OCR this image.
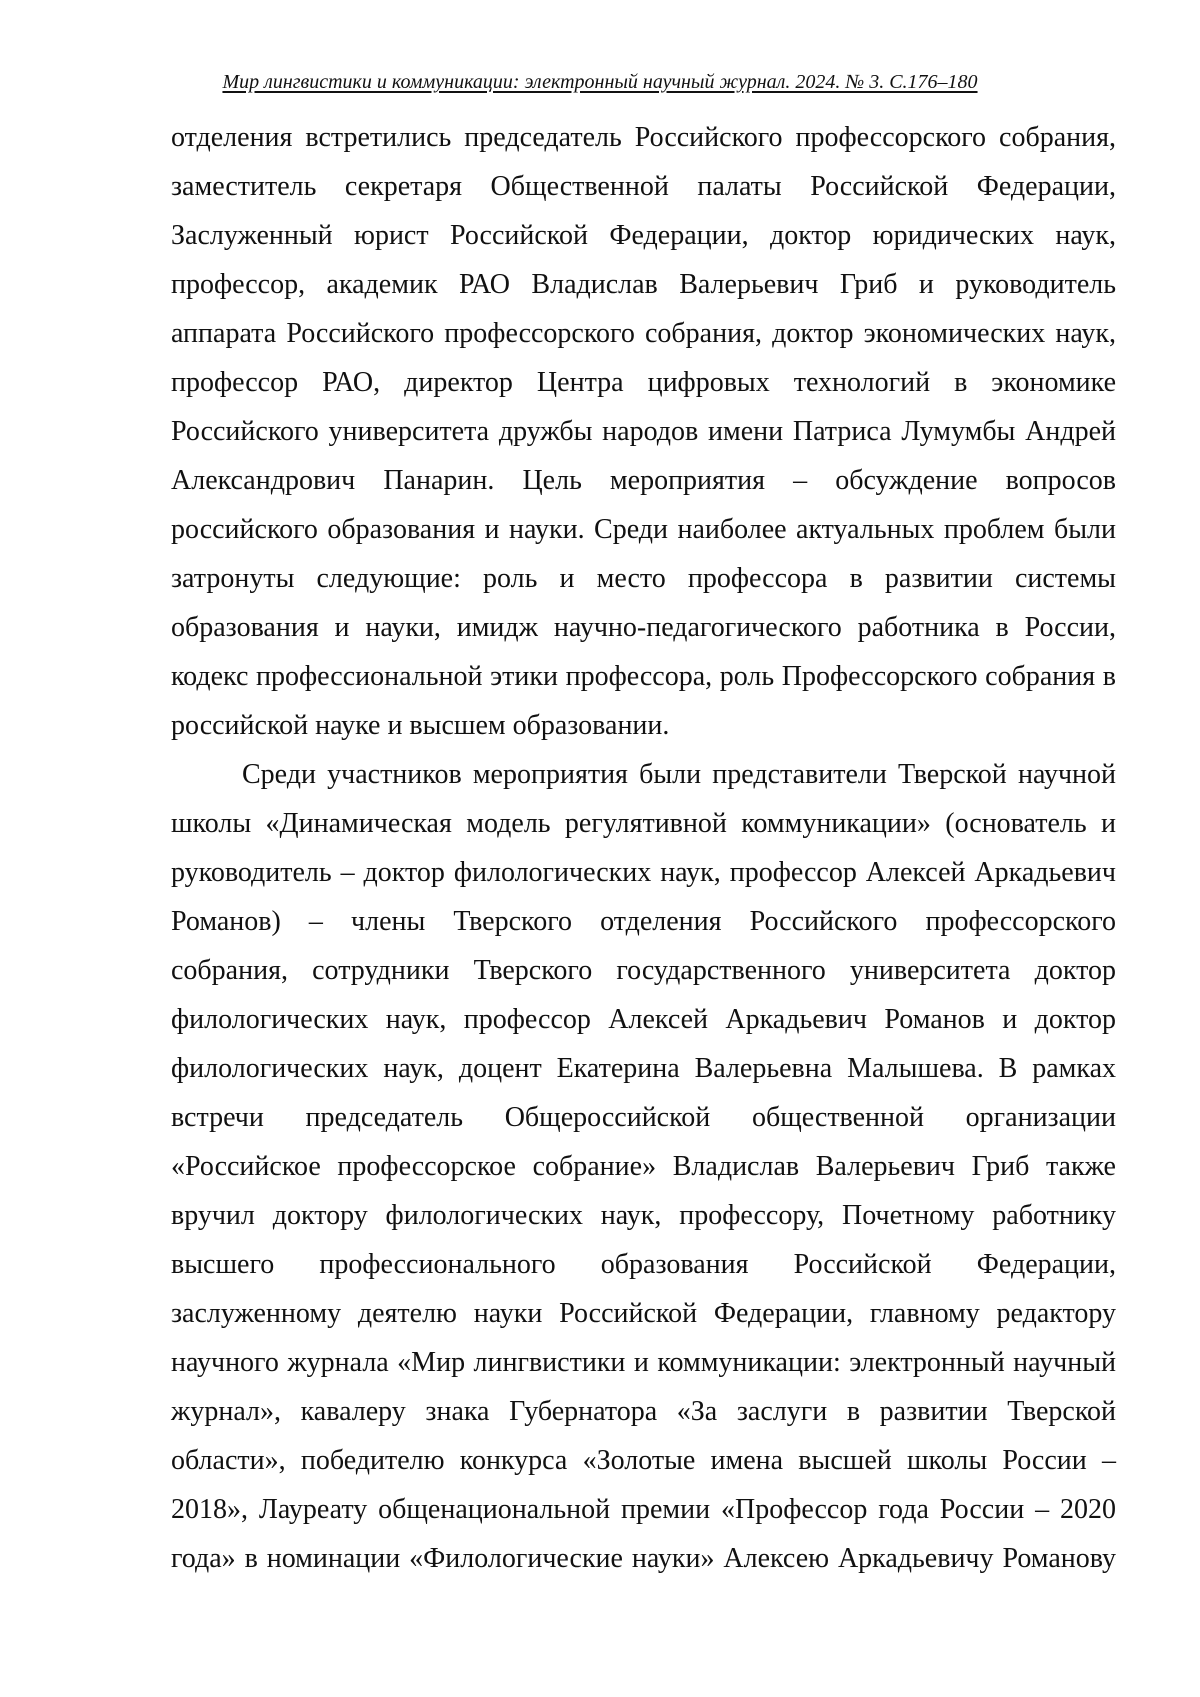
Мир лингвистики и коммуникации: электронный научный журнал. 2024. № 3. С.176–180
отделения встретились председатель Российского профессорского собрания,
заместитель секретаря Общественной палаты Российской Федерации,
Заслуженный юрист Российской Федерации, доктор юридических наук,
профессор, академик РАО Владислав Валерьевич Гриб и руководитель
аппарата Российского профессорского собрания, доктор экономических наук,
профессор РАО, директор Центра цифровых технологий в экономике
Российского университета дружбы народов имени Патриса Лумумбы Андрей
Александрович Панарин. Цель мероприятия – обсуждение вопросов
российского образования и науки. Среди наиболее актуальных проблем были
затронуты следующие: роль и место профессора в развитии системы
образования и науки, имидж научно-педагогического работника в России,
кодекс профессиональной этики профессора, роль Профессорского собрания в
российской науке и высшем образовании.
Среди участников мероприятия были представители Тверской научной
школы «Динамическая модель регулятивной коммуникации» (основатель и
руководитель – доктор филологических наук, профессор Алексей Аркадьевич
Романов) – члены Тверского отделения Российского профессорского
собрания, сотрудники Тверского государственного университета доктор
филологических наук, профессор Алексей Аркадьевич Романов и доктор
филологических наук, доцент Екатерина Валерьевна Малышева. В рамках
встречи председатель Общероссийской общественной организации
«Российское профессорское собрание» Владислав Валерьевич Гриб также
вручил доктору филологических наук, профессору, Почетному работнику
высшего профессионального образования Российской Федерации,
заслуженному деятелю науки Российской Федерации, главному редактору
научного журнала «Мир лингвистики и коммуникации: электронный научный
журнал», кавалеру знака Губернатора «За заслуги в развитии Тверской
области», победителю конкурса «Золотые имена высшей школы России –
2018», Лауреату общенациональной премии «Профессор года России – 2020
года» в номинации «Филологические науки» Алексею Аркадьевичу Романову
